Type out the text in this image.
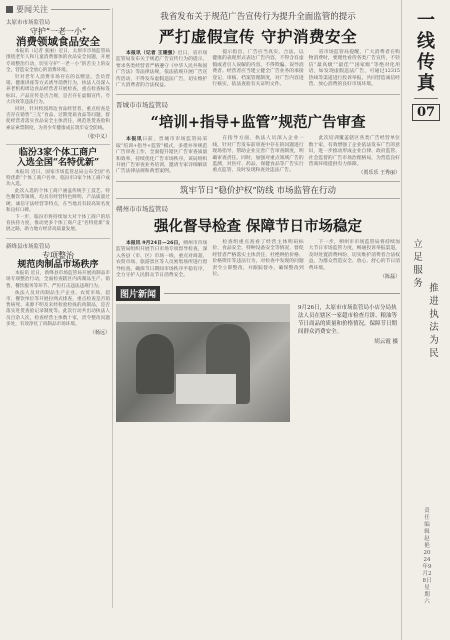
要闻关注
太原市市场监管局
守护“一老一小”
消费领域食品安全

本报讯（记者 张丽）近日，太原市市场监管局围绕老年人和儿童消费群体的食品安全问题，开展专项整治行动，切实守护“一老一小”的舌尖上的安全，营造安全放心的消费环境。

针对老年人消费市场存在的以赠送、会员营销、健康讲座等方式诱导消费行为，执法人员深入养老机构周边食品经营者开展检查，重点检查标签标识、产品宣传是否合规，是否存在虚假宣传、夸大功效等违法行为。

同时，针对校园周边食品经营者，重点检查是否存在销售“三无”食品、过期变质食品等问题，督促经营者落实食品安全主体责任，规范进货查验和索证索票制度，为青少年健康成长筑牢安全防线。

（张中义）
临汾3家个体工商户
入选全国“名特优新”

本报讯 近日，国家市场监管总局公布全国“名特优新”个体工商户名单，临汾市3家个体工商户成功入选。

此次入选的个体工商户涵盖传统手工技艺、特色餐饮等领域，均具有经营特色鲜明、产品质量过硬、诚信守法经营等特点，在当地具有较高知名度和良好口碑。

下一步，临汾市将持续加大对个体工商户的培育扶持力度，推动更多个体工商户走“名特优新”发展之路，助力地方经济高质量发展。

新绛县市场监管局
专项整治
规范肉制品市场秩序

本报讯 近日，新绛县市场监管局开展肉制品市场专项整治行动，全面检查辖区内肉制品生产、销售、餐饮服务等环节，严厉打击违法违规行为。

执法人员对肉制品生产企业、农贸市场、超市、餐饮单位等开展拉网式排查，重点检查是否销售病死、来源不明及未经检验检疫的肉制品，是否落实进货查验记录制度等。此次行动共出动执法人员百余人次，检查经营主体数十家，责令整改问题多处，有效净化了肉制品市场环境。

（杨远）
我省发布关于规范广告宣传行为提升全面监管的提示
严打虚假宣传 守护消费安全

本报讯（记者 王建强）近日，省市场监管局发布关于规范广告宣传行为的提示，要求各类经营者严格遵守《中华人民共和国广告法》等法律法规，依法依规开展广告宣传活动，不得发布虚假违法广告，切实维护广大消费者的合法权益。

提示指出，广告应当真实、合法，以健康的表现形式表达广告内容，不得含有虚假或者引人误解的内容，不得欺骗、误导消费者。经营者应当建立健全广告业务的承接登记、审核、档案管理制度，对广告内容进行核实，依法查验有关证明文件。

省市场监管局提醒，广大消费者在购物消费时，要理性看待各类广告宣传，不轻信“最高级”“最佳”“国家级”等绝对化用语，如发现虚假违法广告，可通过12315热线等渠道进行投诉举报，共同营造诚信经营、放心消费的良好市场环境。

晋城市市场监管局
“培训+指导+监管”规范广告审查

本报讯日前，晋城市市场监管局采取“培训+指导+监管”模式，多措并举规范广告审查工作，全面提升辖区广告审查质量和效率，持续优化广告市场秩序。该局组织开展广告审查业务培训，邀请专家详细解读广告法律法规和典型案例。

在指导方面，执法人员深入企业一线，针对广告发布前审查中存在的问题进行现场指导，帮助企业完善广告审查制度，明确审查责任。同时，加强对重点领域广告的监测，对医疗、药品、保健食品等广告实行重点监管，及时发现和查处违法广告。

此次培训覆盖辖区各类广告经营单位数十家，有效增强了企业依法发布广告的意识，进一步推动形成企业自律、政府监管、社会监督的广告市场治理格局，为营造良好营商环境提供有力保障。

（贾乐乐 王秀丽）
筑牢节日“稳价护权”防线 市场监管在行动
朔州市市场监管局
强化督导检查 保障节日市场稳定

本报讯 9月24日—26日，朔州市市场监管局组织开展节日市场专项督导检查，深入各县（市、区）市场一线，重点对商超、农贸市场、旅游景区等人员密集场所进行督导检查，确保节日期间市场秩序平稳有序，全力守护人民群众节日消费安全。

检查组重点查看了经营主体明码标价、食品安全、特种设备安全等情况，督促经营者严格落实主体责任，杜绝哄抬价格、价格欺诈等违法行为，对检查中发现的问题责令立即整改，并跟踪督办，确保整改到位。

下一步，朔州市市场监管局将持续加大节日市场监管力度，畅通投诉举报渠道，及时处置消费纠纷，切实维护消费者合法权益，为群众营造安全、放心、舒心的节日消费环境。

（陈磊）
图片新闻
9月26日，太原市市场监管局小店分局执法人员在辖区一家超市检查月饼、粮油等节日商品的质量和价格情况，保障节日期间群众消费安全。
胡云霞 摄
一线传真
07
立足服务 推进执法为民
责任编辑 赵艳 2024年9月28日 星期六
